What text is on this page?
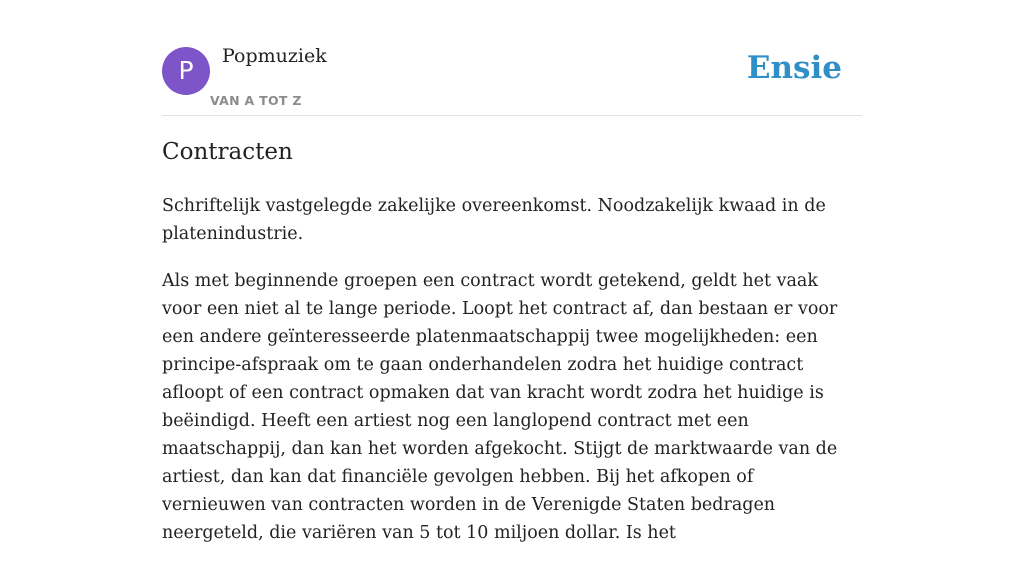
P	Popmuziek
VAN A TOT Z
Ensie
Contracten

Schriftelijk vastgelegde zakelijke overeenkomst. Noodzakelijk kwaad in de platenindustrie.

Als met beginnende groepen een contract wordt getekend, geldt het vaak voor een niet al te lange periode. Loopt het contract af, dan bestaan er voor een andere geïnteresseerde platenmaatschappij twee mogelijkheden: een principe-afspraak om te gaan onderhandelen zodra het huidige contract afloopt of een contract opmaken dat van kracht wordt zodra het huidige is beëindigd. Heeft een artiest nog een langlopend contract met een maatschappij, dan kan het worden afgekocht. Stijgt de marktwaarde van de artiest, dan kan dat financiële gevolgen hebben. Bij het afkopen of vernieuwen van contracten worden in de Verenigde Staten bedragen neergeteld, die variëren van 5 tot 10 miljoen dollar. Is het
